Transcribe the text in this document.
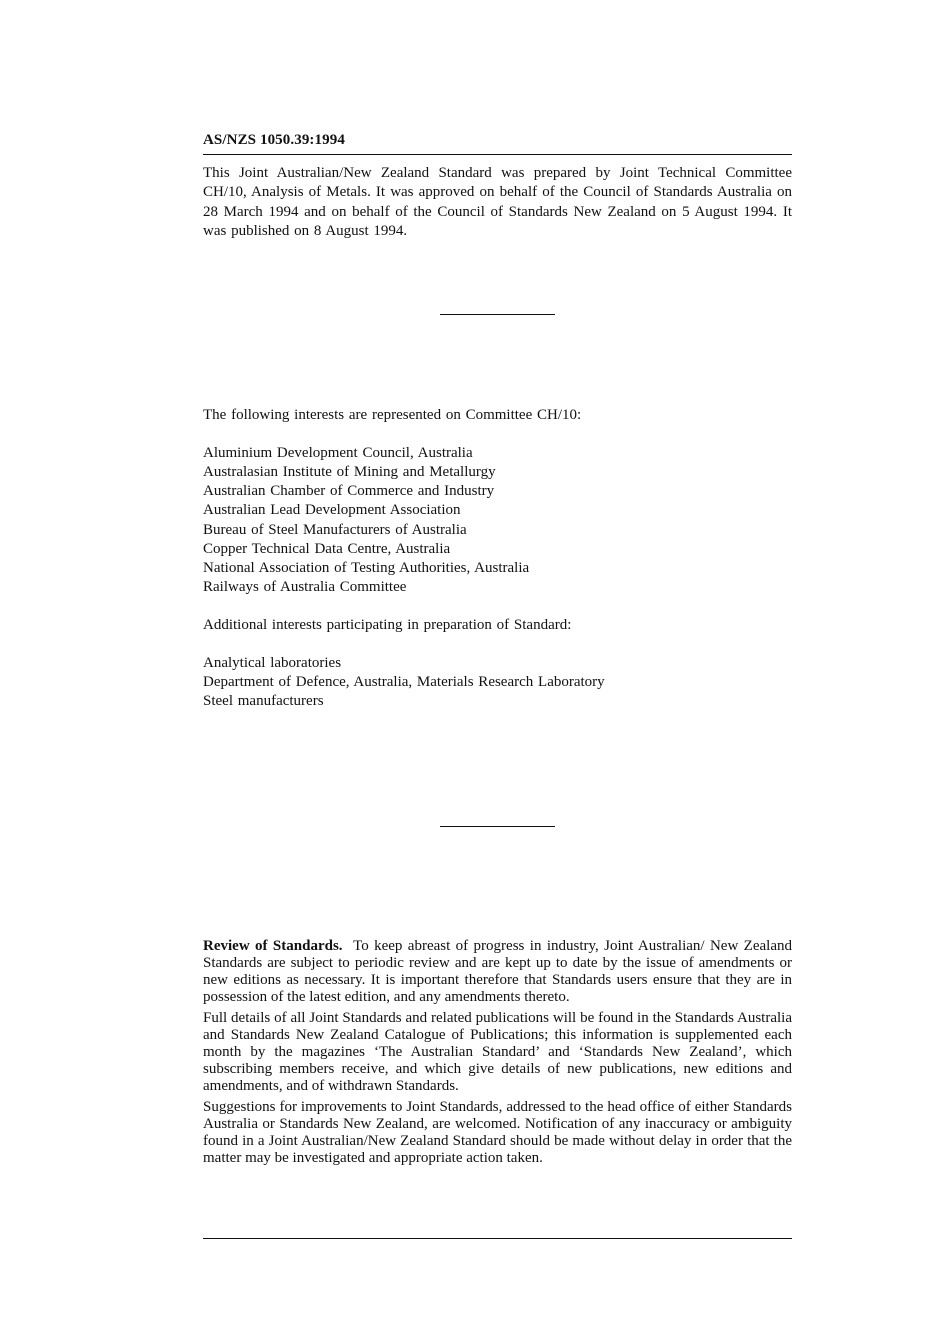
AS/NZS 1050.39:1994

This Joint Australian/New Zealand Standard was prepared by Joint Technical Committee CH/10, Analysis of Metals. It was approved on behalf of the Council of Standards Australia on 28 March 1994 and on behalf of the Council of Standards New Zealand on 5 August 1994. It was published on 8 August 1994.

The following interests are represented on Committee CH/10:

Aluminium Development Council, Australia
Australasian Institute of Mining and Metallurgy
Australian Chamber of Commerce and Industry
Australian Lead Development Association
Bureau of Steel Manufacturers of Australia
Copper Technical Data Centre, Australia
National Association of Testing Authorities, Australia
Railways of Australia Committee

Additional interests participating in preparation of Standard:

Analytical laboratories
Department of Defence, Australia, Materials Research Laboratory
Steel manufacturers

Review of Standards. To keep abreast of progress in industry, Joint Australian/ New Zealand Standards are subject to periodic review and are kept up to date by the issue of amendments or new editions as necessary. It is important therefore that Standards users ensure that they are in possession of the latest edition, and any amendments thereto.

Full details of all Joint Standards and related publications will be found in the Standards Australia and Standards New Zealand Catalogue of Publications; this information is supplemented each month by the magazines ‘The Australian Standard’ and ‘Standards New Zealand’, which subscribing members receive, and which give details of new publications, new editions and amendments, and of withdrawn Standards.

Suggestions for improvements to Joint Standards, addressed to the head office of either Standards Australia or Standards New Zealand, are welcomed. Notification of any inaccuracy or ambiguity found in a Joint Australian/New Zealand Standard should be made without delay in order that the matter may be investigated and appropriate action taken.
